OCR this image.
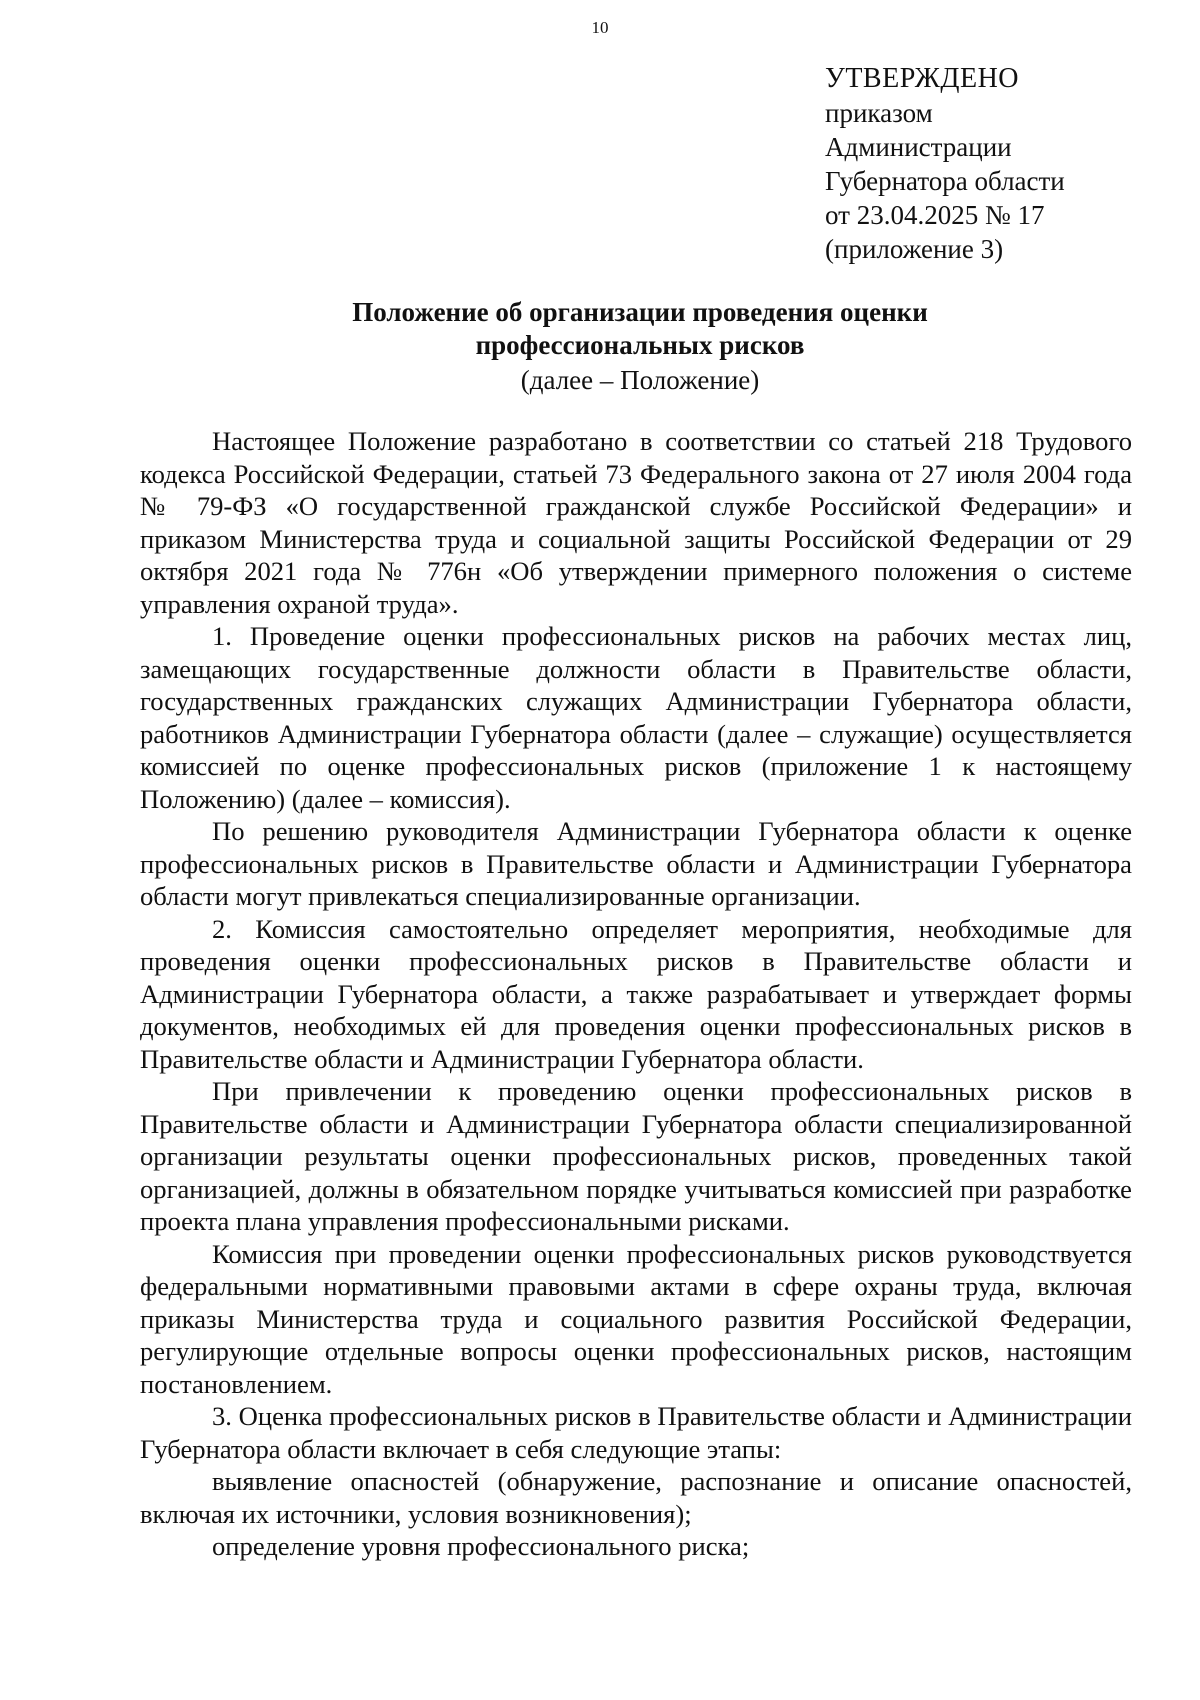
10
УТВЕРЖДЕНО
приказом
Администрации
Губернатора области
от 23.04.2025 № 17
(приложение 3)
Положение об организации проведения оценки
профессиональных рисков
(далее – Положение)

Настоящее Положение разработано в соответствии со статьей 218 Трудового кодекса Российской Федерации, статьей 73 Федерального закона от 27 июля 2004 года № 79-ФЗ «О государственной гражданской службе Российской Федерации» и приказом Министерства труда и социальной защиты Российской Федерации от 29 октября 2021 года № 776н «Об утверждении примерного положения о системе управления охраной труда».

1. Проведение оценки профессиональных рисков на рабочих местах лиц, замещающих государственные должности области в Правительстве области, государственных гражданских служащих Администрации Губернатора области, работников Администрации Губернатора области (далее – служащие) осуществляется комиссией по оценке профессиональных рисков (приложение 1 к настоящему Положению) (далее – комиссия).

По решению руководителя Администрации Губернатора области к оценке профессиональных рисков в Правительстве области и Администрации Губернатора области могут привлекаться специализированные организации.

2. Комиссия самостоятельно определяет мероприятия, необходимые для проведения оценки профессиональных рисков в Правительстве области и Администрации Губернатора области, а также разрабатывает и утверждает формы документов, необходимых ей для проведения оценки профессиональных рисков в Правительстве области и Администрации Губернатора области.

При привлечении к проведению оценки профессиональных рисков в Правительстве области и Администрации Губернатора области специализированной организации результаты оценки профессиональных рисков, проведенных такой организацией, должны в обязательном порядке учитываться комиссией при разработке проекта плана управления профессиональными рисками.

Комиссия при проведении оценки профессиональных рисков руководствуется федеральными нормативными правовыми актами в сфере охраны труда, включая приказы Министерства труда и социального развития Российской Федерации, регулирующие отдельные вопросы оценки профессиональных рисков, настоящим постановлением.

3. Оценка профессиональных рисков в Правительстве области и Администрации Губернатора области включает в себя следующие этапы:

выявление опасностей (обнаружение, распознание и описание опасностей, включая их источники, условия возникновения);

определение уровня профессионального риска;
